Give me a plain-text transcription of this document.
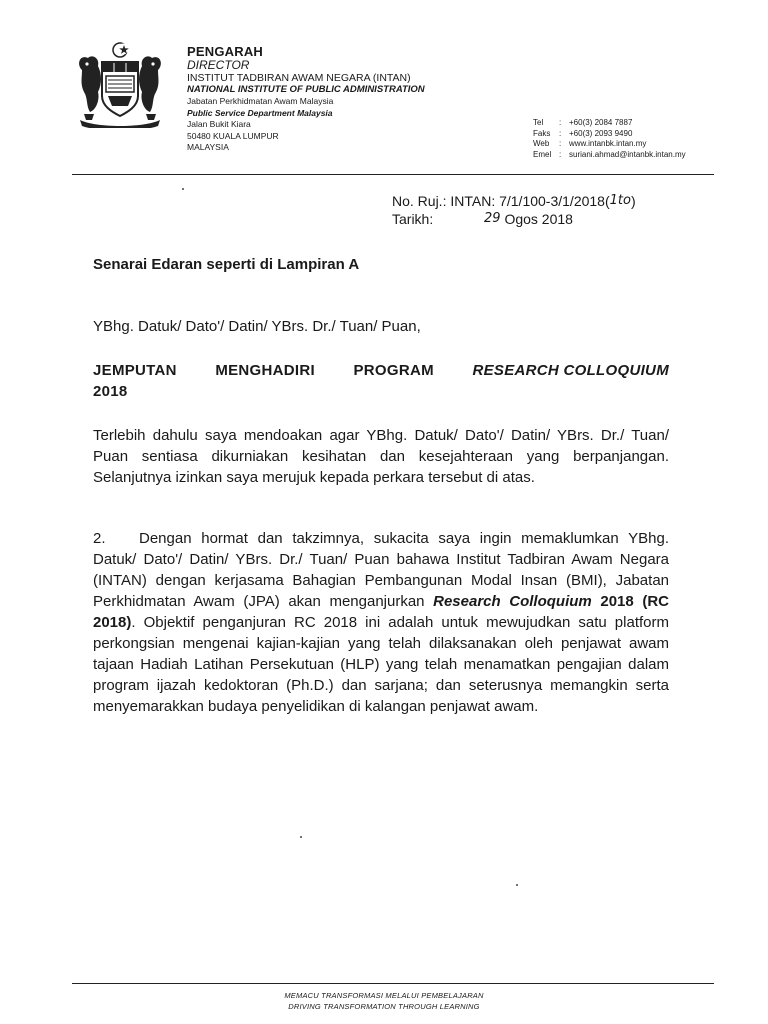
PENGARAH
DIRECTOR
INSTITUT TADBIRAN AWAM NEGARA (INTAN)
NATIONAL INSTITUTE OF PUBLIC ADMINISTRATION
Jabatan Perkhidmatan Awam Malaysia
Public Service Department Malaysia
Jalan Bukit Kiara
50480 KUALA LUMPUR
MALAYSIA
Tel	: +60(3) 2084 7887
Faks	: +60(3) 2093 9490
Web	: www.intanbk.intan.my
Emel : suriani.ahmad@intanbk.intan.my
No. Ruj.:
INTAN: 7/1/100-3/1/2018( 1to )
Tarikh:	29
Ogos 2018
Senarai Edaran seperti di Lampiran A
YBhg. Datuk/ Dato'/ Datin/ YBrs. Dr./ Tuan/ Puan,
JEMPUTAN	MENGHADIRI	PROGRAM	RESEARCH COLLOQUIUM
2018
Terlebih dahulu saya mendoakan agar YBhg. Datuk/ Dato'/ Datin/ YBrs. Dr./ Tuan/ Puan sentiasa dikurniakan kesihatan dan kesejahteraan yang berpanjangan. Selanjutnya izinkan saya merujuk kepada perkara tersebut di atas.
2. Dengan hormat dan takzimnya, sukacita saya ingin memaklumkan YBhg. Datuk/ Dato'/ Datin/ YBrs. Dr./ Tuan/ Puan bahawa Institut Tadbiran Awam Negara (INTAN) dengan kerjasama Bahagian Pembangunan Modal Insan (BMI), Jabatan Perkhidmatan Awam (JPA) akan menganjurkan Research Colloquium 2018 (RC 2018). Objektif penganjuran RC 2018 ini adalah untuk mewujudkan satu platform perkongsian mengenai kajian-kajian yang telah dilaksanakan oleh penjawat awam tajaan Hadiah Latihan Persekutuan (HLP) yang telah menamatkan pengajian dalam program ijazah kedoktoran (Ph.D.) dan sarjana; dan seterusnya memangkin serta menyemarakkan budaya penyelidikan di kalangan penjawat awam.
MEMACU TRANSFORMASI MELALUI PEMBELAJARAN
DRIVING TRANSFORMATION THROUGH LEARNING
